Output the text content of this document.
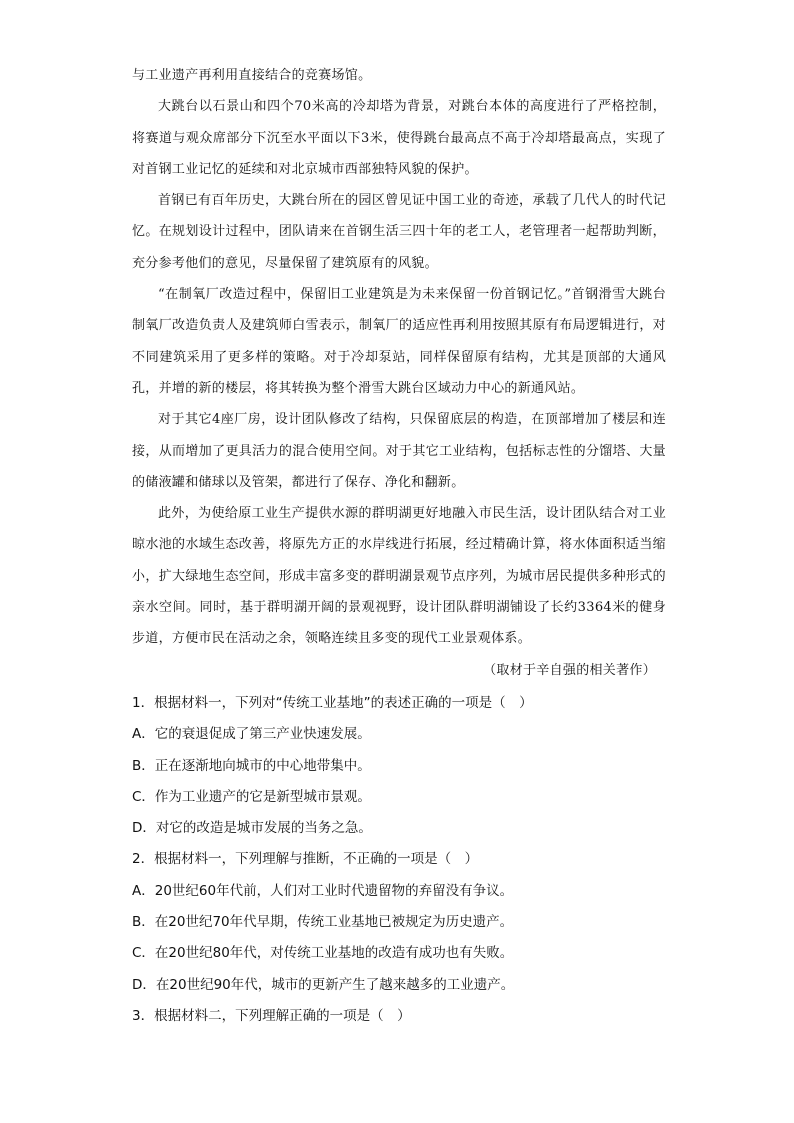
与工业遗产再利用直接结合的竞赛场馆。

大跳台以石景山和四个70米高的冷却塔为背景，对跳台本体的高度进行了严格控制，将赛道与观众席部分下沉至水平面以下3米，使得跳台最高点不高于冷却塔最高点，实现了对首钢工业记忆的延续和对北京城市西部独特风貌的保护。

首钢已有百年历史，大跳台所在的园区曾见证中国工业的奇迹，承载了几代人的时代记忆。在规划设计过程中，团队请来在首钢生活三四十年的老工人，老管理者一起帮助判断，充分参考他们的意见，尽量保留了建筑原有的风貌。

“在制氧厂改造过程中，保留旧工业建筑是为未来保留一份首钢记忆。”首钢滑雪大跳台制氧厂改造负责人及建筑师白雪表示，制氧厂的适应性再利用按照其原有布局逻辑进行，对不同建筑采用了更多样的策略。对于冷却泵站，同样保留原有结构，尤其是顶部的大通风孔，并增的新的楼层，将其转换为整个滑雪大跳台区域动力中心的新通风站。

对于其它4座厂房，设计团队修改了结构，只保留底层的构造，在顶部增加了楼层和连接，从而增加了更具活力的混合使用空间。对于其它工业结构，包括标志性的分馏塔、大量的储液罐和储球以及管架，都进行了保存、净化和翻新。

此外，为使给原工业生产提供水源的群明湖更好地融入市民生活，设计团队结合对工业晾水池的水域生态改善，将原先方正的水岸线进行拓展，经过精确计算，将水体面积适当缩小，扩大绿地生态空间，形成丰富多变的群明湖景观节点序列，为城市居民提供多种形式的亲水空间。同时，基于群明湖开阔的景观视野，设计团队群明湖铺设了长约3364米的健身步道，方便市民在活动之余，领略连续且多变的现代工业景观体系。

（取材于辛自强的相关著作）

1．根据材料一，下列对“传统工业基地”的表述正确的一项是（　）
A．它的衰退促成了第三产业快速发展。
B．正在逐渐地向城市的中心地带集中。
C．作为工业遗产的它是新型城市景观。
D．对它的改造是城市发展的当务之急。
2．根据材料一，下列理解与推断，不正确的一项是（　）
A．20世纪60年代前，人们对工业时代遗留物的弃留没有争议。
B．在20世纪70年代早期，传统工业基地已被规定为历史遗产。
C．在20世纪80年代，对传统工业基地的改造有成功也有失败。
D．在20世纪90年代，城市的更新产生了越来越多的工业遗产。
3．根据材料二，下列理解正确的一项是（　）
